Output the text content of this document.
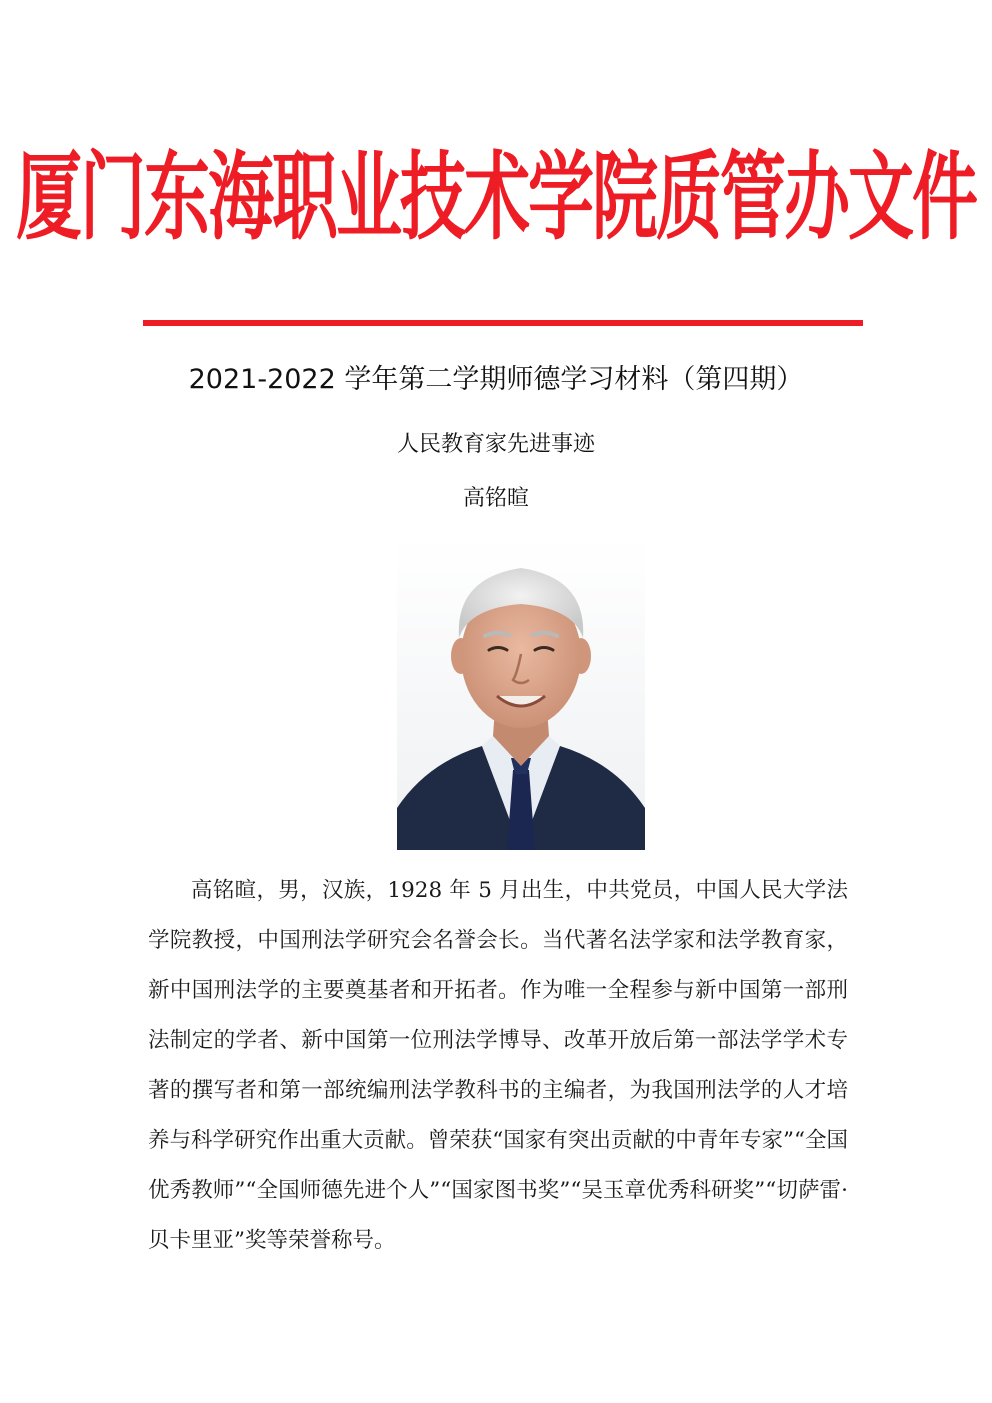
厦门东海职业技术学院质管办文件
2021-2022 学年第二学期师德学习材料（第四期）
人民教育家先进事迹
高铭暄

高铭暄，男，汉族，1928 年 5 月出生，中共党员，中国人民大学法学院教授，中国刑法学研究会名誉会长。当代著名法学家和法学教育家，新中国刑法学的主要奠基者和开拓者。作为唯一全程参与新中国第一部刑法制定的学者、新中国第一位刑法学博导、改革开放后第一部法学学术专著的撰写者和第一部统编刑法学教科书的主编者，为我国刑法学的人才培养与科学研究作出重大贡献。曾荣获“国家有突出贡献的中青年专家”“全国优秀教师”“全国师德先进个人”“国家图书奖”“吴玉章优秀科研奖”“切萨雷·贝卡里亚”奖等荣誉称号。
